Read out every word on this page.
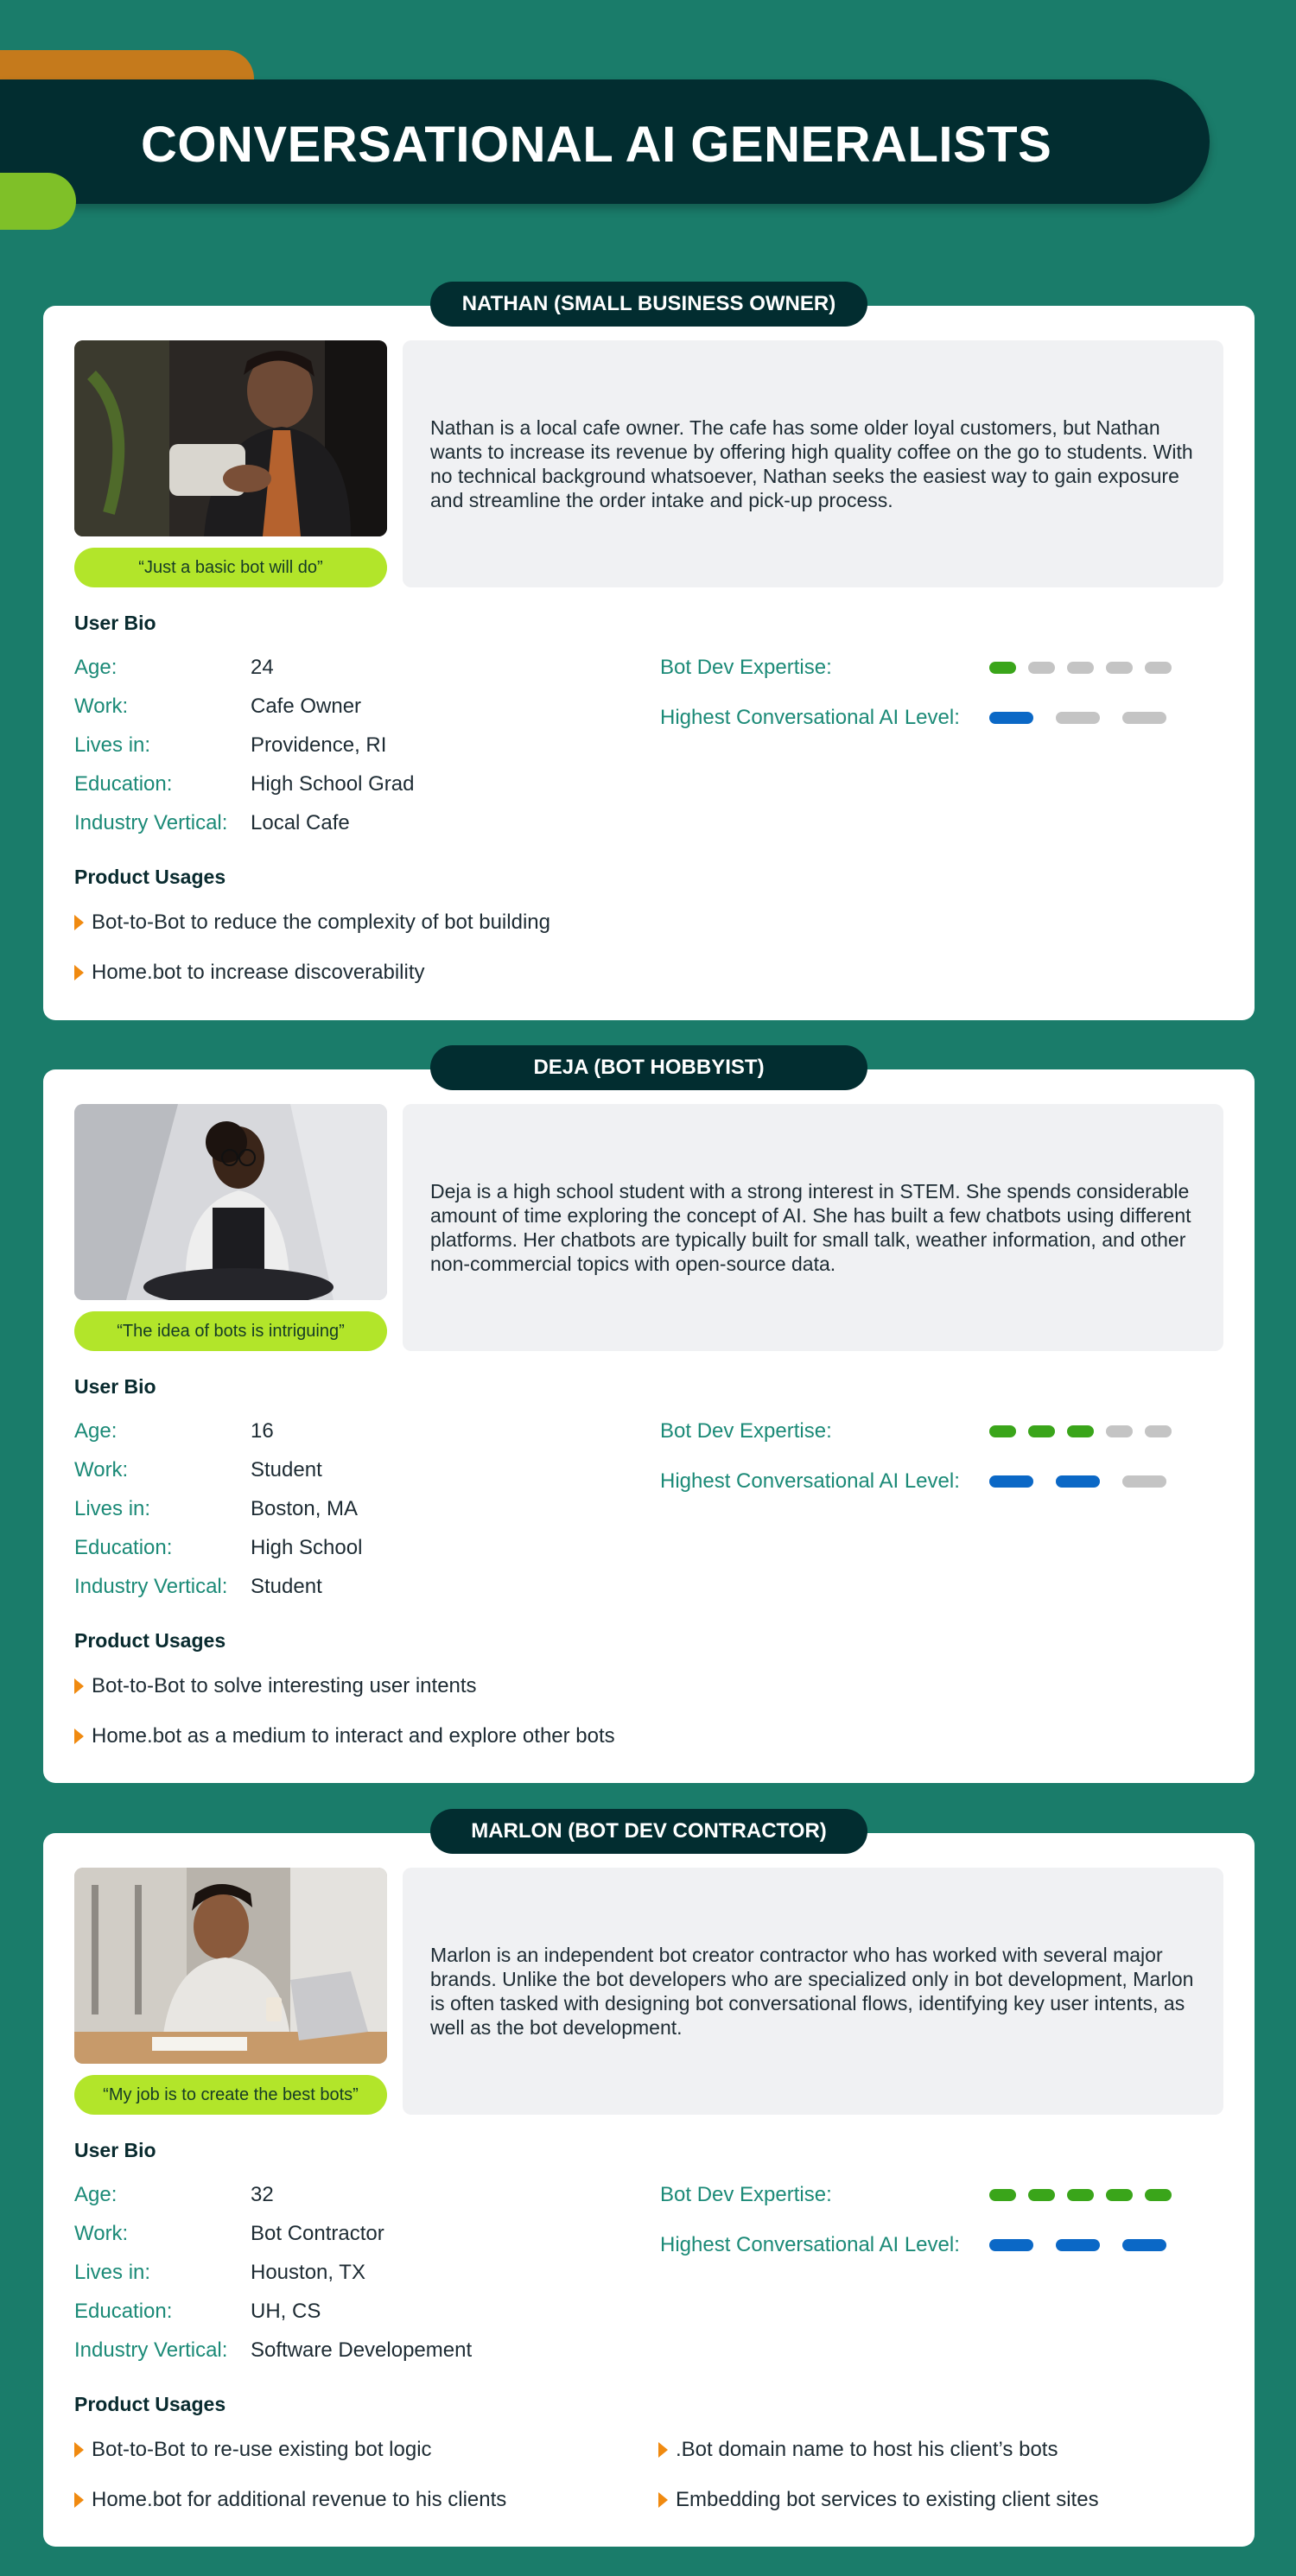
CONVERSATIONAL AI GENERALISTS
NATHAN (SMALL BUSINESS OWNER)
“Just a basic bot will do”
Nathan is a local cafe owner. The cafe has some older loyal customers, but Nathan wants to increase its revenue by offering high quality coffee on the go to students. With no technical background whatsoever, Nathan seeks the easiest way to gain exposure and streamline the order intake and pick-up process.
User Bio
Age:	24
Work:	Cafe Owner
Lives in:	Providence, RI
Education:	High School Grad
Industry Vertical: Local Cafe
Bot Dev Expertise:
Highest Conversational AI Level:
Product Usages
Bot-to-Bot to reduce the complexity of bot building
Home.bot to increase discoverability
DEJA (BOT HOBBYIST)
“The idea of bots is intriguing”
Deja is a high school student with a strong interest in STEM. She spends considerable amount of time exploring the concept of AI. She has built a few chatbots using different platforms. Her chatbots are typically built for small talk, weather information, and other non-commercial topics with open-source data.
User Bio
Age:	16
Work:	Student
Lives in:	Boston, MA
Education:	High School
Industry Vertical: Student
Bot Dev Expertise:
Highest Conversational AI Level:
Product Usages
Bot-to-Bot to solve interesting user intents
Home.bot as a medium to interact and explore other bots
MARLON (BOT DEV CONTRACTOR)
“My job is to create the best bots”
Marlon is an independent bot creator contractor who has worked with several major brands. Unlike the bot developers who are specialized only in bot development, Marlon is often tasked with designing bot conversational flows, identifying key user intents, as well as the bot development.
User Bio
Age:	32
Work:	Bot Contractor
Lives in:	Houston, TX
Education:	UH, CS
Industry Vertical: Software Developement
Bot Dev Expertise:
Highest Conversational AI Level:
Product Usages
Bot-to-Bot to re-use existing bot logic
Home.bot for additional revenue to his clients
.Bot domain name to host his client’s bots
Embedding bot services to existing client sites
